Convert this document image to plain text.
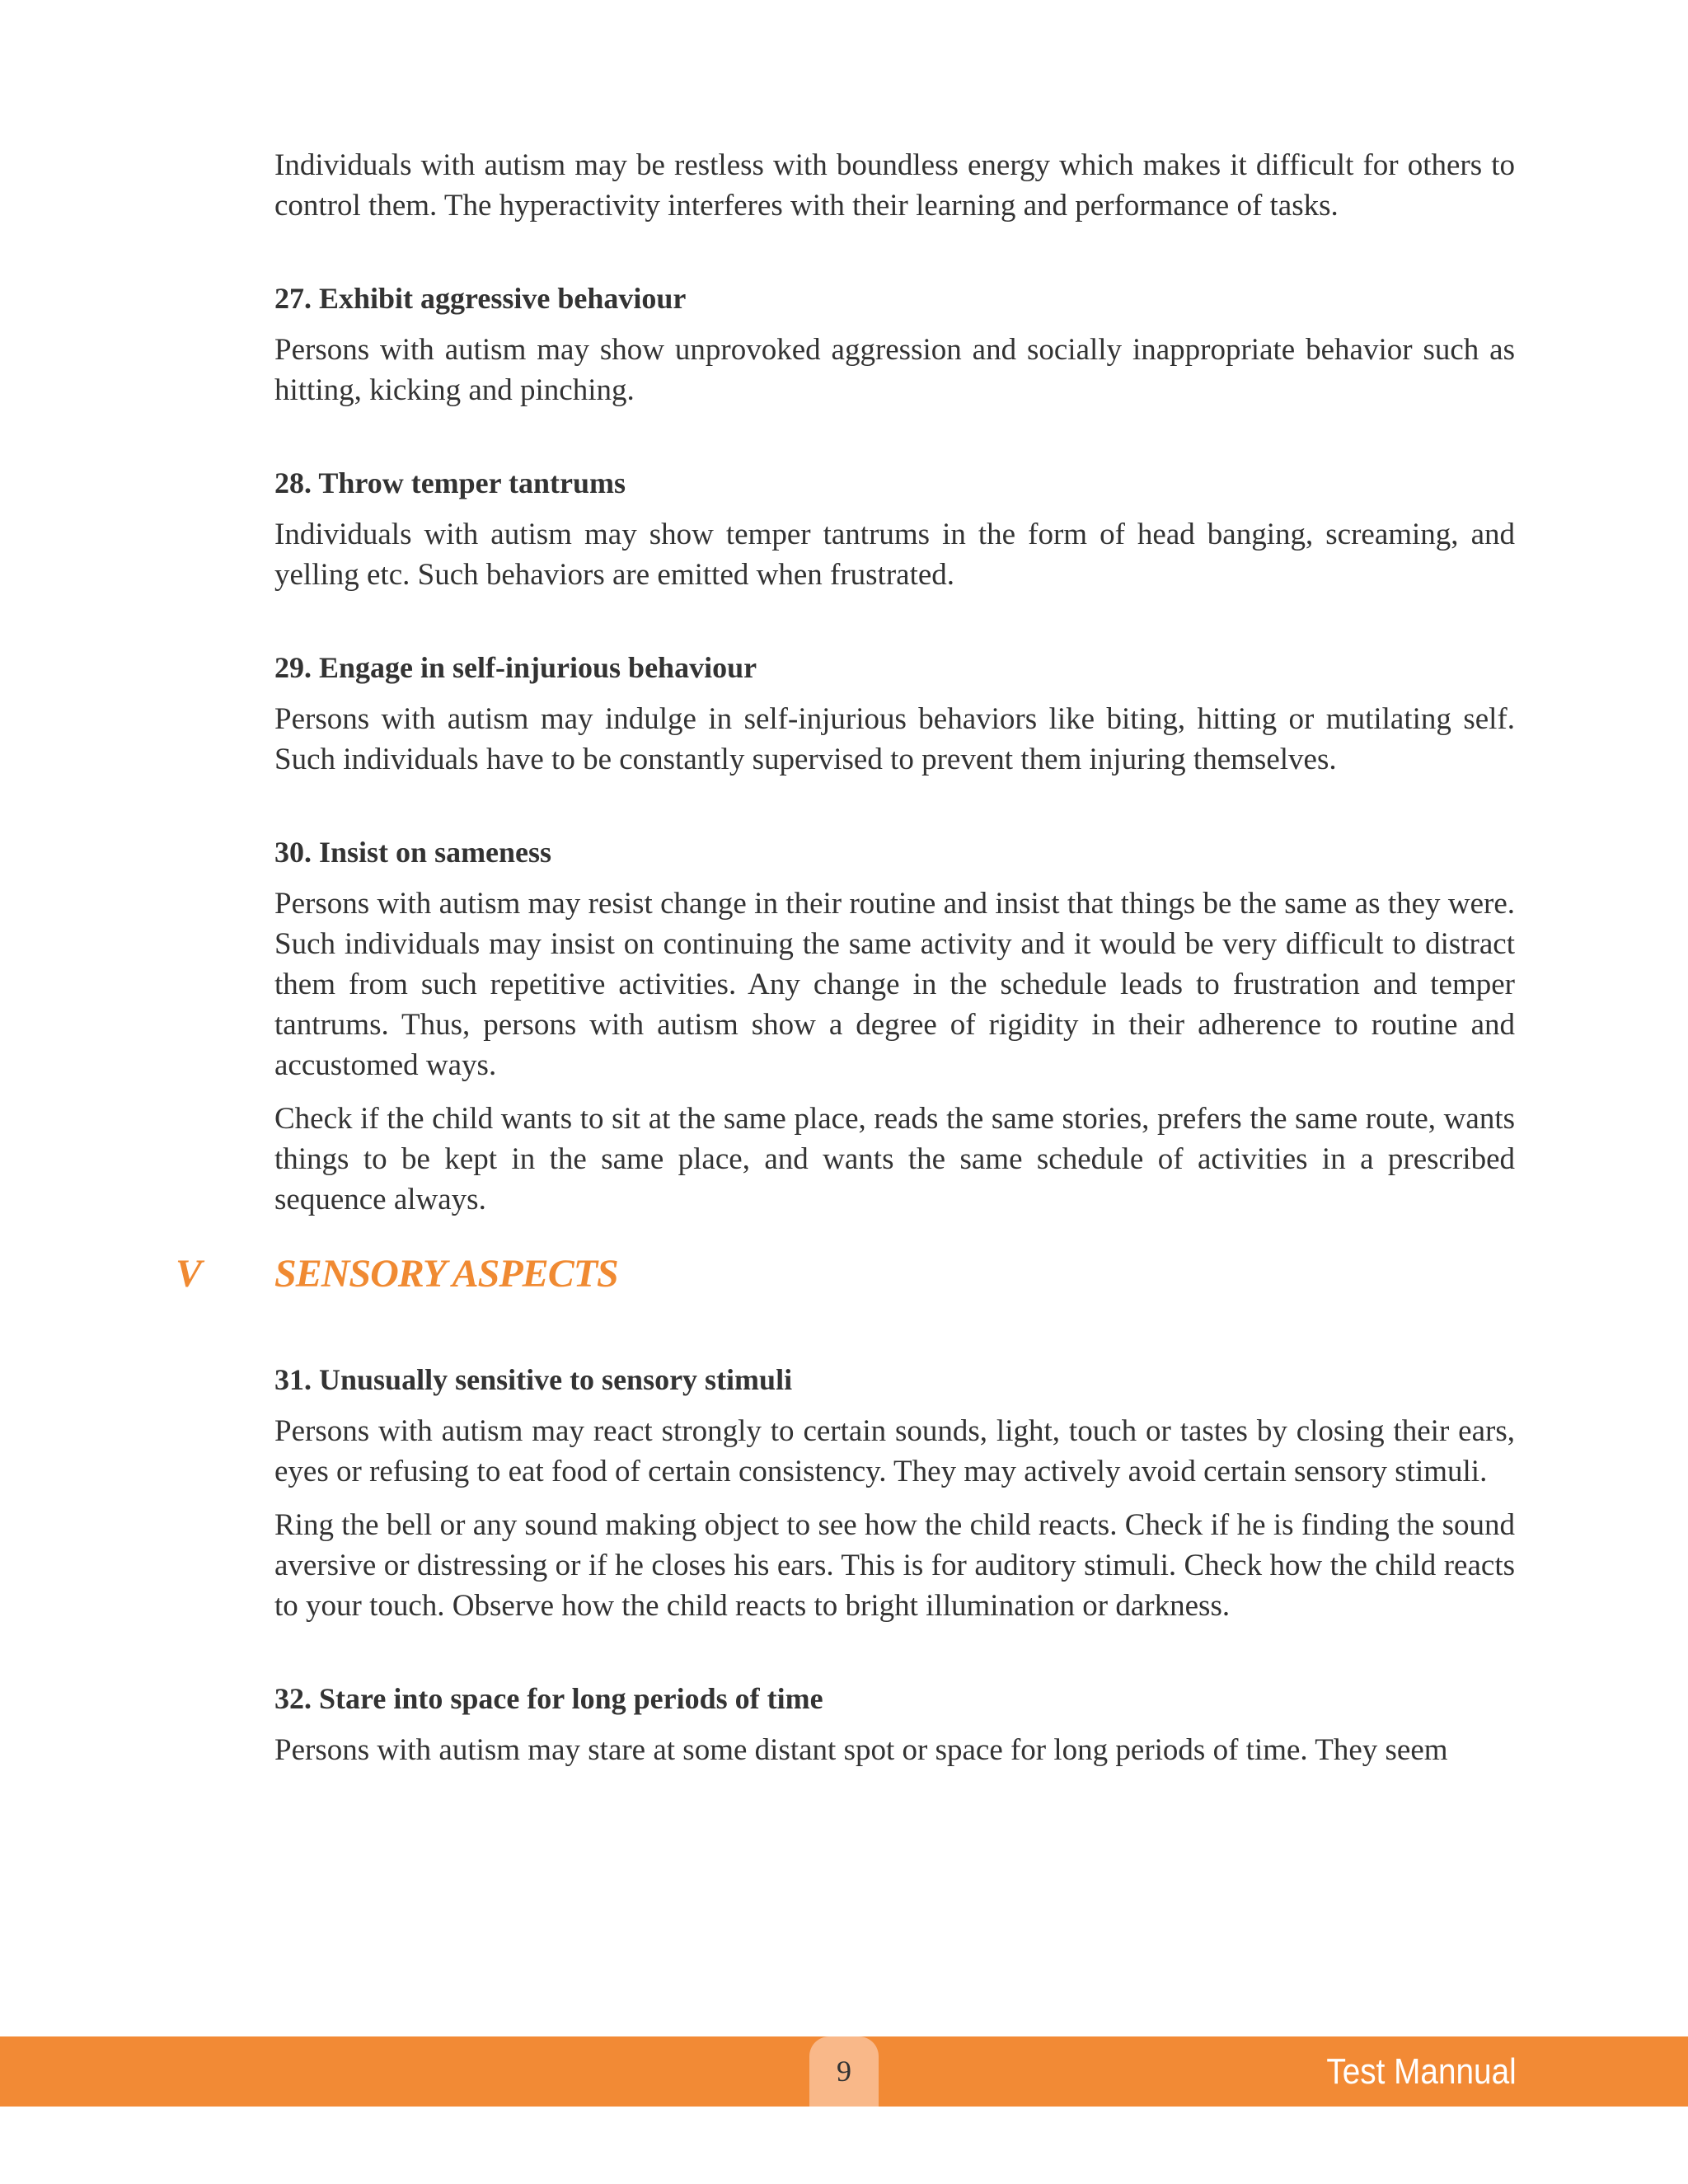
Individuals with autism may be restless with boundless energy which makes it difficult for others to control them. The hyperactivity interferes with their learning and performance of tasks.

27. Exhibit aggressive behaviour

Persons with autism may show unprovoked aggression and socially inappropriate behavior such as hitting, kicking and pinching.

28. Throw temper tantrums

Individuals with autism may show temper tantrums in the form of head banging, screaming, and yelling etc. Such behaviors are emitted when frustrated.

29. Engage in self-injurious behaviour

Persons with autism may indulge in self-injurious behaviors like biting, hitting or mutilating self. Such individuals have to be constantly supervised to prevent them injuring themselves.

30. Insist on sameness

Persons with autism may resist change in their routine and insist that things be the same as they were. Such individuals may insist on continuing the same activity and it would be very difficult to distract them from such repetitive activities. Any change in the schedule leads to frustration and temper tantrums. Thus, persons with autism show a degree of rigidity in their adherence to routine and accustomed ways.

Check if the child wants to sit at the same place, reads the same stories, prefers the same route, wants things to be kept in the same place, and wants the same schedule of activities in a prescribed sequence always.

V SENSORY ASPECTS
31. Unusually sensitive to sensory stimuli

Persons with autism may react strongly to certain sounds, light, touch or tastes by closing their ears, eyes or refusing to eat food of certain consistency. They may actively avoid certain sensory stimuli.

Ring the bell or any sound making object to see how the child reacts. Check if he is finding the sound aversive or distressing or if he closes his ears. This is for auditory stimuli. Check how the child reacts to your touch. Observe how the child reacts to bright illumination or darkness.

32. Stare into space for long periods of time

Persons with autism may stare at some distant spot or space for long periods of time. They seem

9	Test Mannual
